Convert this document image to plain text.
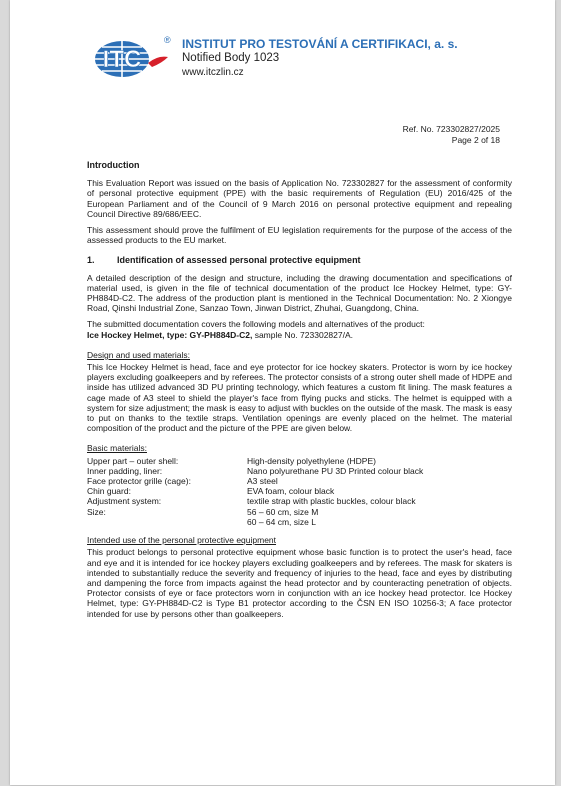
ITC
® INSTITUT PRO TESTOVÁNÍ A CERTIFIKACI, a. s.
Notified Body 1023
www.itczlin.cz
Ref. No. 723302827/2025
Page 2 of 18
Introduction

This Evaluation Report was issued on the basis of Application No. 723302827 for the assessment of conformity of personal protective equipment (PPE) with the basic requirements of Regulation (EU) 2016/425 of the European Parliament and of the Council of 9 March 2016 on personal protective equipment and repealing Council Directive 89/686/EEC.

This assessment should prove the fulfilment of EU legislation requirements for the purpose of the access of the assessed products to the EU market.

1. Identification of assessed personal protective equipment

A detailed description of the design and structure, including the drawing documentation and specifications of material used, is given in the file of technical documentation of the product Ice Hockey Helmet, type: GY-PH884D-C2. The address of the production plant is mentioned in the Technical Documentation: No. 2 Xiongye Road, Qinshi Industrial Zone, Sanzao Town, Jinwan District, Zhuhai, Guangdong, China.

The submitted documentation covers the following models and alternatives of the product:
Ice Hockey Helmet, type: GY-PH884D-C2, sample No. 723302827/A.

Design and used materials:

This Ice Hockey Helmet is head, face and eye protector for ice hockey skaters. Protector is worn by ice hockey players excluding goalkeepers and by referees. The protector consists of a strong outer shell made of HDPE and inside has utilized advanced 3D PU printing technology, which features a custom fit lining. The mask features a cage made of A3 steel to shield the player's face from flying pucks and sticks. The helmet is equipped with a system for size adjustment; the mask is easy to adjust with buckles on the outside of the mask. The mask is easy to put on thanks to the textile straps. Ventilation openings are evenly placed on the helmet. The material composition of the product and the picture of the PPE are given below.

Basic materials:
Upper part – outer shell:	High-density polyethylene (HDPE)
Inner padding, liner:	Nano polyurethane PU 3D Printed colour black
Face protector grille (cage):	A3 steel
Chin guard:	EVA foam, colour black
Adjustment system:	textile strap with plastic buckles, colour black
Size:	56 – 60 cm, size M
60 – 64 cm, size L
Intended use of the personal protective equipment

This product belongs to personal protective equipment whose basic function is to protect the user's head, face and eye and it is intended for ice hockey players excluding goalkeepers and by referees. The mask for skaters is intended to substantially reduce the severity and frequency of injuries to the head, face and eyes by distributing and dampening the force from impacts against the head protector and by counteracting penetration of objects. Protector consists of eye or face protectors worn in conjunction with an ice hockey head protector. Ice Hockey Helmet, type: GY-PH884D-C2 is Type B1 protector according to the ČSN EN ISO 10256-3; A face protector intended for use by persons other than goalkeepers.
